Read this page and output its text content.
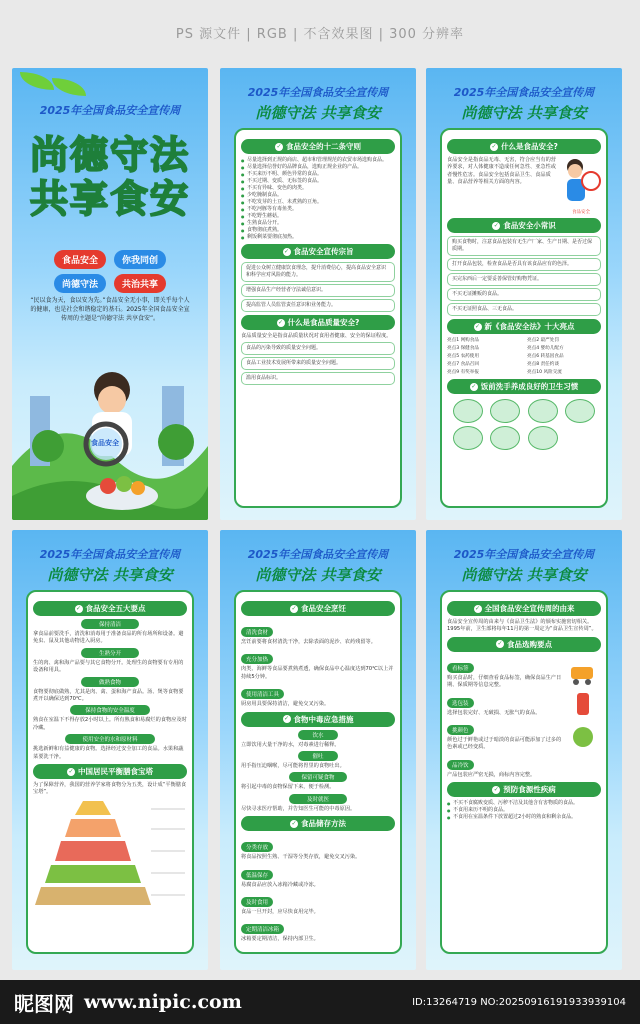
PS 源文件 | RGB | 不含效果图 | 300 分辨率
2025年全国食品安全宣传周
尚德守法
共享食安
食品安全	你我同创
尚德守法	共治共享
“民以食为天，食以安为先。”食品安全无小事，即关乎每个人的健康，也是社会和谐稳定的基石。2025年全国食品安全宣传周的主题是“尚德守法 共享食安”。
食品安全
2025年全国食品安全宣传周
尚德守法 共享食安
✓ 食品安全的十二条守则
● 尽量选择到正规的商店、超市和管理规范的农贸市场选购食品。
● 尽量选择信誉好的品牌食品，选购正规企业的产品。
● 不买来历不明、颜色异常的食品。
● 不买过期、变质、无标签的食品。
● 不买有异味、变色的肉类。
● 少吃腌制食品。
● 不吃发芽的土豆、未煮熟的豆角。
● 不吃河豚等有毒鱼类。
● 不吃野生蘑菇。
● 生熟食品分开。
● 食物彻底煮熟。
● 剩饭剩菜要彻底加热。
✓ 食品安全宣传宗旨
促进公众树立健康饮食理念，提升消费信心，提高食品安全意识和科学应对风险的能力。
增强食品生产经营者守法诚信意识。
提高监管人员监管责任意识和业务能力。
✓ 什么是食品质量安全?
食品质量安全是指食品质量状况对食用者健康、安全的保证程度。
食品的污染导致的质量安全问题。
食品工业技术发展所带来的质量安全问题。
滥用食品标识。
2025年全国食品安全宣传周
尚德守法 共享食安
✓ 什么是食品安全?
食品安全是指食品无毒、无害，符合应当有的营养要求，对人体健康不造成任何急性、亚急性或者慢性危害。食品安全包括食品卫生、食品质量、食品营养等相关方面的内容。
食品安全
✓ 食品安全小常识
购买食物时，注意食品包装有无生产厂家、生产日期、是否过保质期。
打开食品包装，检查食品是否具有该食品应有的色泽。
买完东西后一定要妥善保管好购物凭证。
不买无证摊贩的食品。
不买无证照食品、三无食品。
✓ 新《食品安全法》十大亮点
亮点1 网购食品	亮点2 最严处罚
亮点3 保健食品	亮点4 婴幼儿配方
亮点5 农药使用	亮点6 转基因食品
亮点7 食品召回	亮点8 责任约谈
亮点9 有奖举报	亮点10 风险交流
✓ 饭前洗手养成良好的卫生习惯
2025年全国食品安全宣传周
尚德守法 共享食安
✓ 食品安全五大要点
保持清洁
拿食品前要洗手，清洗和消毒用于准备食品的所有场所和设备。避免虫、鼠及其他动物进入厨房。
生熟分开
生的肉、禽和海产品要与其它食物分开。处理生的食物要有专用的设备和用具。
做熟食物
食物要彻底做熟，尤其是肉、禽、蛋和海产食品。汤、煲等食物要煮开以确保达到70℃。
保持食物的安全温度
熟食在室温下不得存放2小时以上。所有熟食和易腐烂的食物应及时冷藏。
使用安全的水和原材料
挑选新鲜和有益健康的食物。选择经过安全加工的食品。水果和蔬菜要洗干净。
✓ 中国居民平衡膳食宝塔
为了保障营养，我国的营养学家将食物分为五类，设计成“平衡膳食宝塔”。
2025年全国食品安全宣传周
尚德守法 共享食安
✓ 食品安全烹饪
清洗食材
烹饪前要将食材清洗干净，去除表面的泥沙、农药残留等。
充分加热
肉类、海鲜等食品要煮熟煮透，确保食品中心温度达到70℃以上并持续5分钟。
使用清洁工具
厨房用具要保持清洁，避免交叉污染。
✓ 食物中毒应急措施
饮水
立即饮用大量干净的水，对毒素进行稀释。
催吐
用手指压迫咽喉，尽可能将胃里的食物吐出。
保留可疑食物
将引起中毒的食物保留下来，便于检测。
及时就医
尽快寻求医疗帮助，并告知医生可能的中毒原因。
✓ 食品储存方法
分类存放
将食品按照生熟、干湿等分类存放，避免交叉污染。
低温保存
易腐食品应放入冰箱冷藏或冷冻。
及时食用
食品一旦开封，应尽快食用完毕。
定期清洁冰箱
冰箱要定期清洁，保持内部卫生。
2025年全国食品安全宣传周
尚德守法 共享食安
✓ 全国食品安全宣传周的由来
食品安全宣传周的由来与《食品卫生法》的颁布实施密切相关。1995年前，卫生部将每年11月的第一周定为“食品卫生宣传周”。
✓ 食品选购要点
看标签
购买食品时，仔细查看食品标签，确保食品生产日期、保质期等信息完整。
选包装
选择包装完好、无破损、无胀气的食品。
挑颜色
颜色过于鲜艳或过于暗淡的食品可能添加了过多的色素或已经变质。
品冷饮
产品包装应严密无损，商标内容完整。
✓ 预防食源性疾病
● 不买不食腐败变质、污秽不洁及其他含有害物质的食品。
● 不食用来历不明的食品。
● 不食用在室温条件下放置超过2小时的熟食和剩余食品。
昵图网 www.nipic.com	ID:13264719 NO:20250916191933939104
